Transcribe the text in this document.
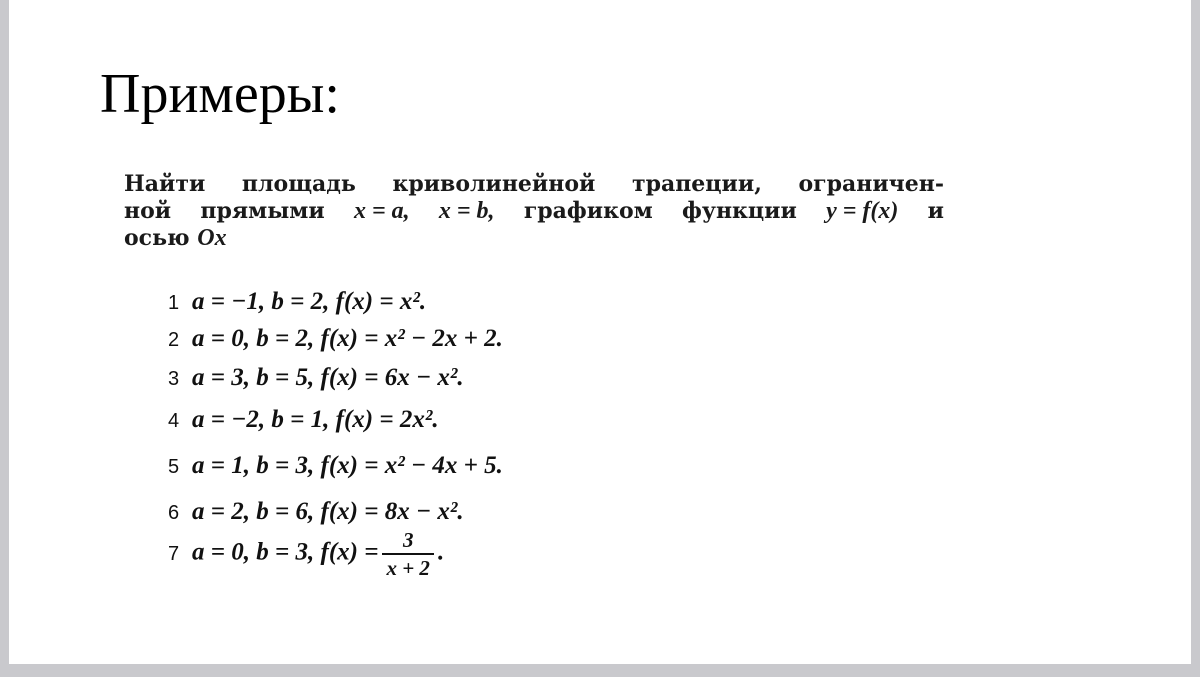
Примеры:
Найти площадь криволинейной трапеции, ограничен-
ной прямыми x = a, x = b, графиком функции y = f(x) и
осью Ox
1 a = −1, b = 2, f(x) = x².
2 a = 0, b = 2, f(x) = x² − 2x + 2.
3 a = 3, b = 5, f(x) = 6x − x².
4 a = −2, b = 1, f(x) = 2x².
5 a = 1, b = 3, f(x) = x² − 4x + 5.
6 a = 2, b = 6, f(x) = 8x − x².
7 a = 0, b = 3, $f(x) = \frac{3}{x + 2}$ .
